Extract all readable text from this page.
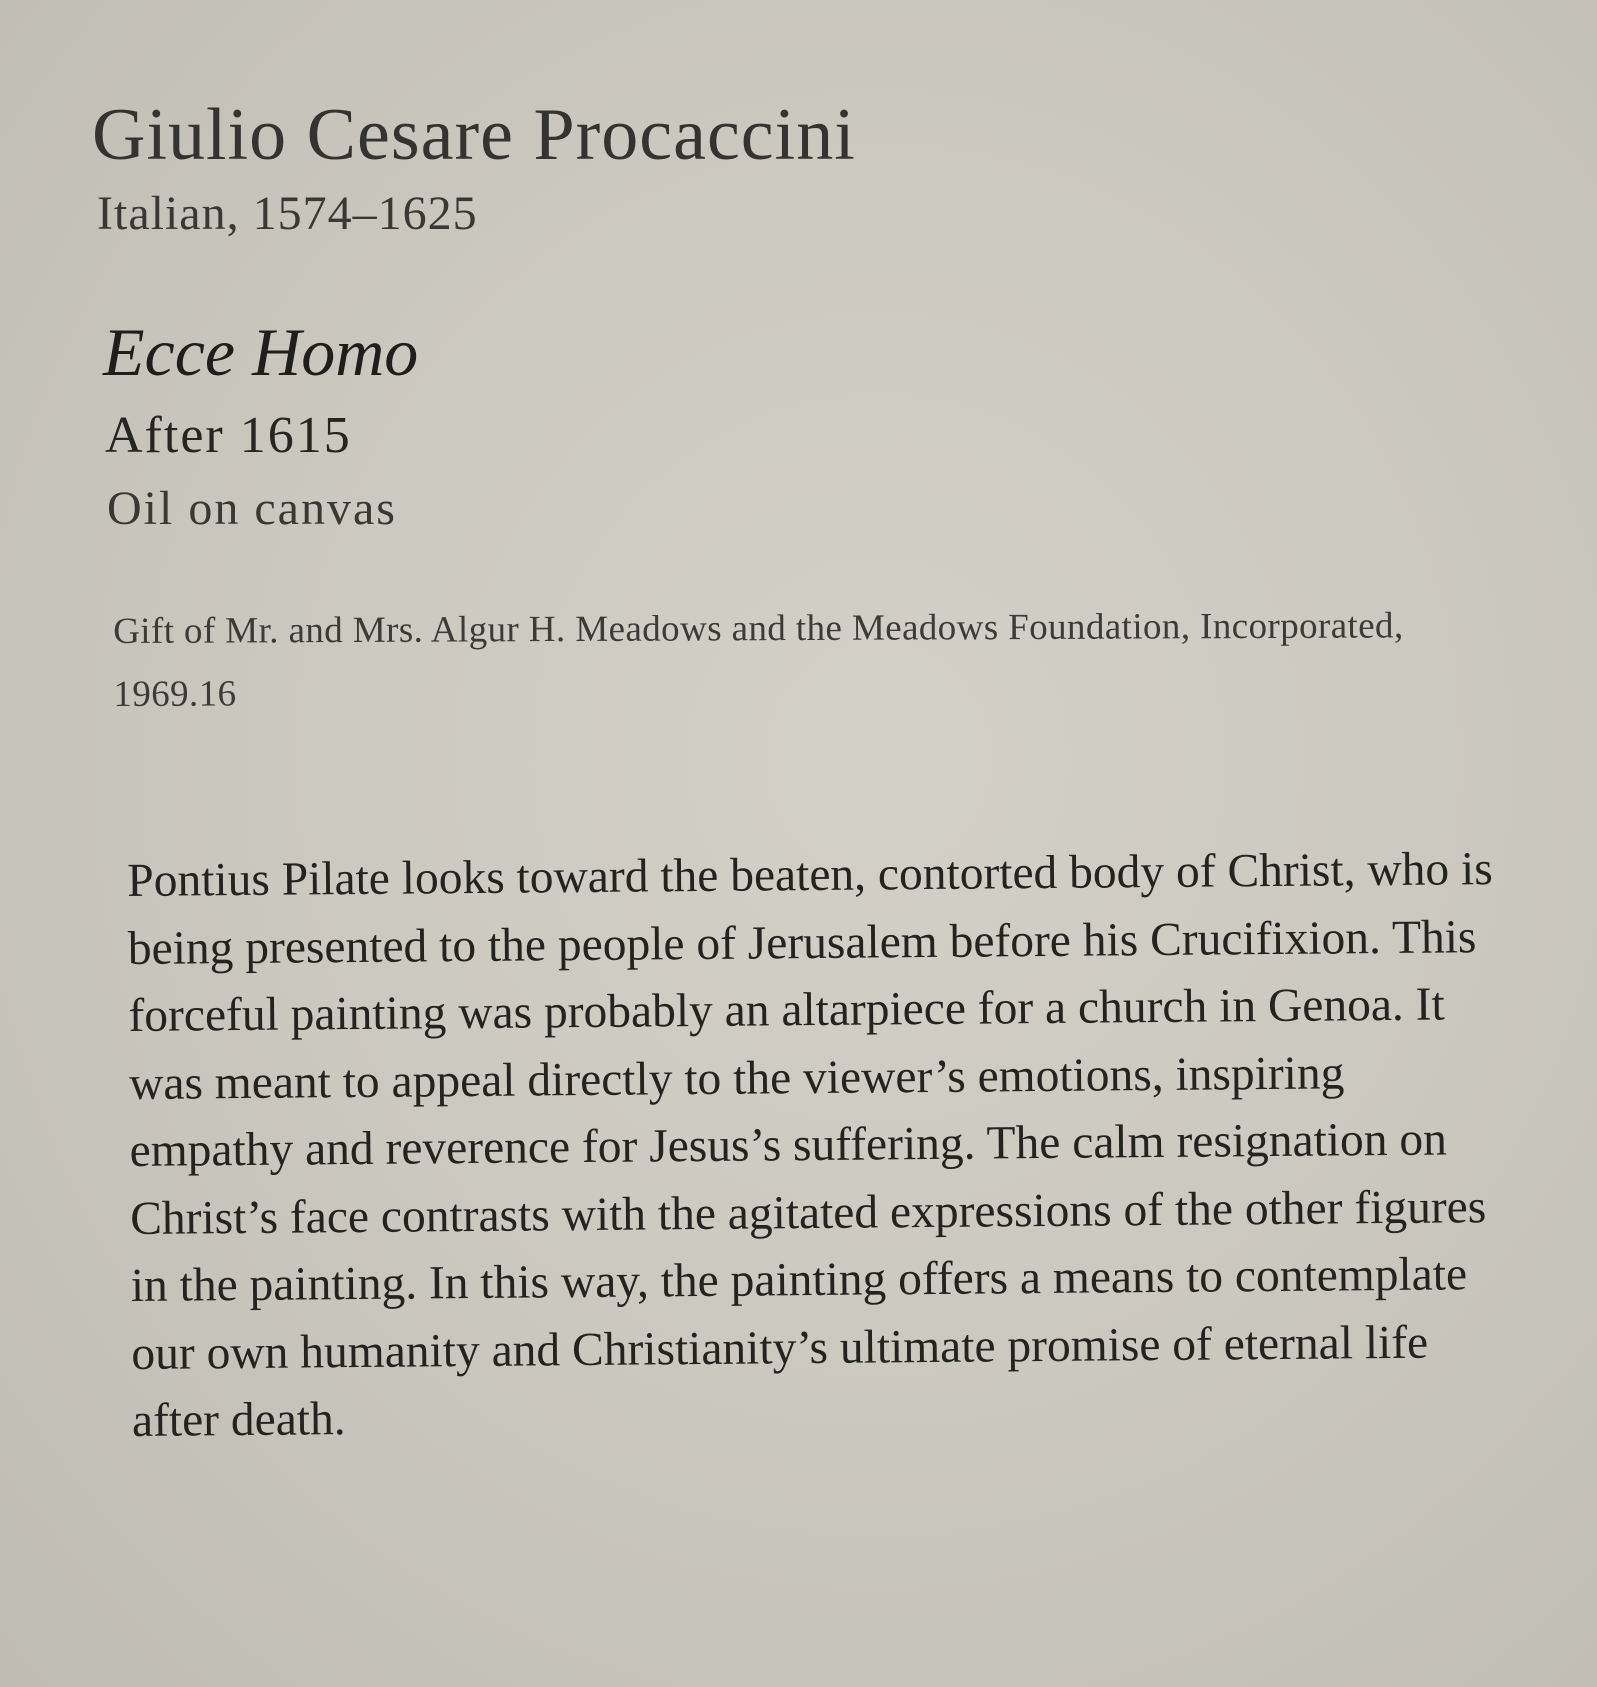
Giulio Cesare Procaccini
Italian, 1574–1625
Ecce Homo
After 1615
Oil on canvas
Gift of Mr. and Mrs. Algur H. Meadows and the Meadows Foundation, Incorporated, 1969.16

Pontius Pilate looks toward the beaten, contorted body of Christ, who is being presented to the people of Jerusalem before his Crucifixion. This forceful painting was probably an altarpiece for a church in Genoa. It was meant to appeal directly to the viewer’s emotions, inspiring empathy and reverence for Jesus’s suffering. The calm resignation on Christ’s face contrasts with the agitated expressions of the other figures in the painting. In this way, the painting offers a means to contemplate our own humanity and Christianity’s ultimate promise of eternal life after death.
